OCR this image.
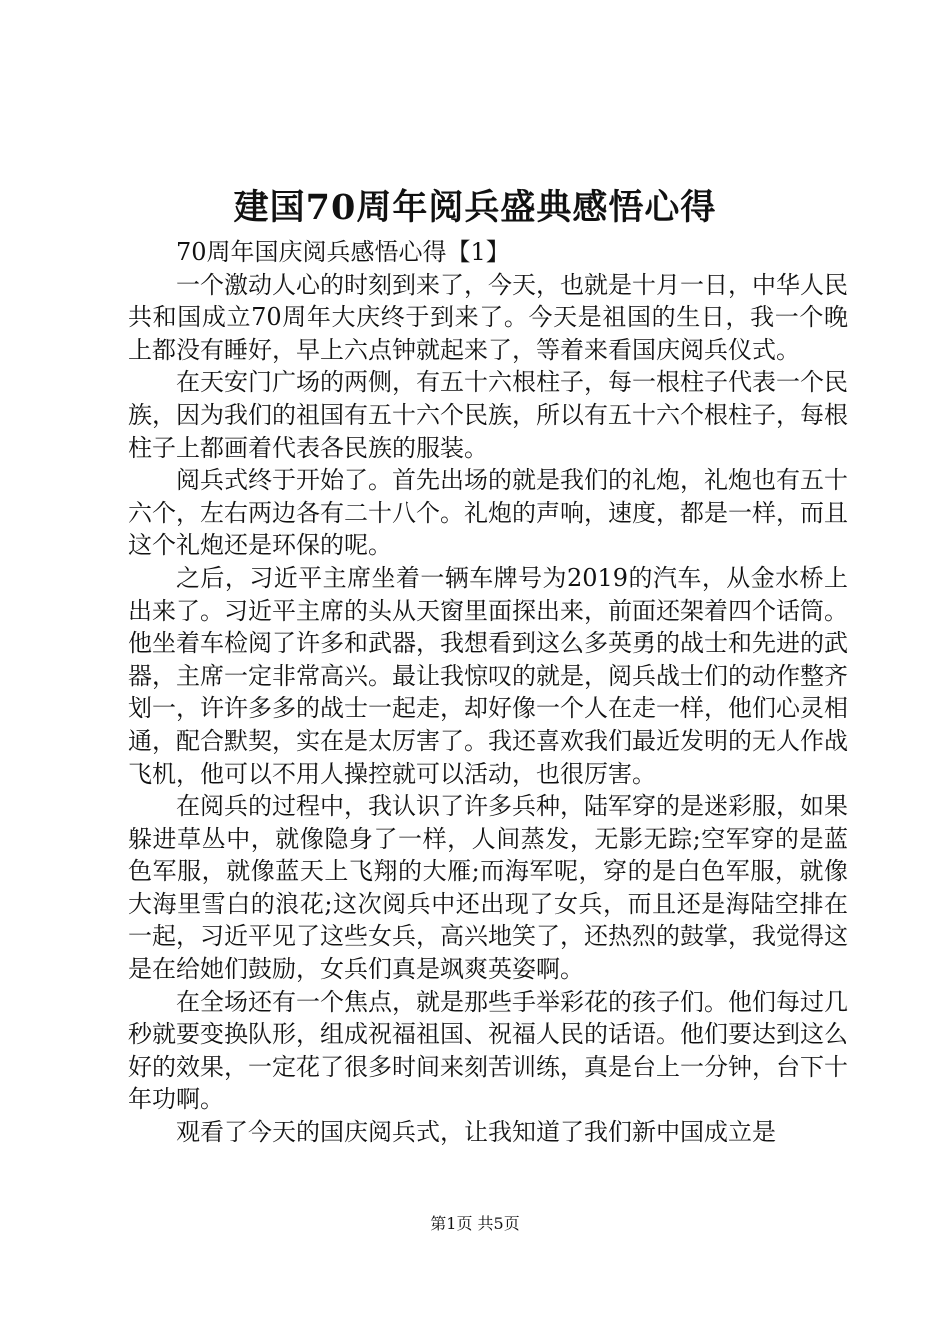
建国70周年阅兵盛典感悟心得

70周年国庆阅兵感悟心得【1】

一个激动人心的时刻到来了，今天，也就是十月一日，中华人民共和国成立70周年大庆终于到来了。今天是祖国的生日，我一个晚上都没有睡好，早上六点钟就起来了，等着来看国庆阅兵仪式。

在天安门广场的两侧，有五十六根柱子，每一根柱子代表一个民族，因为我们的祖国有五十六个民族，所以有五十六个根柱子，每根柱子上都画着代表各民族的服装。

阅兵式终于开始了。首先出场的就是我们的礼炮，礼炮也有五十六个，左右两边各有二十八个。礼炮的声响，速度，都是一样，而且这个礼炮还是环保的呢。

之后，习近平主席坐着一辆车牌号为2019的汽车，从金水桥上出来了。习近平主席的头从天窗里面探出来，前面还架着四个话筒。他坐着车检阅了许多和武器，我想看到这么多英勇的战士和先进的武器，主席一定非常高兴。最让我惊叹的就是，阅兵战士们的动作整齐划一，许许多多的战士一起走，却好像一个人在走一样，他们心灵相通，配合默契，实在是太厉害了。我还喜欢我们最近发明的无人作战飞机，他可以不用人操控就可以活动，也很厉害。

在阅兵的过程中，我认识了许多兵种，陆军穿的是迷彩服，如果躲进草丛中，就像隐身了一样，人间蒸发，无影无踪;空军穿的是蓝色军服，就像蓝天上飞翔的大雁;而海军呢，穿的是白色军服，就像大海里雪白的浪花;这次阅兵中还出现了女兵，而且还是海陆空排在一起，习近平见了这些女兵，高兴地笑了，还热烈的鼓掌，我觉得这是在给她们鼓励，女兵们真是飒爽英姿啊。

在全场还有一个焦点，就是那些手举彩花的孩子们。他们每过几秒就要变换队形，组成祝福祖国、祝福人民的话语。他们要达到这么好的效果，一定花了很多时间来刻苦训练，真是台上一分钟，台下十年功啊。

观看了今天的国庆阅兵式，让我知道了我们新中国成立是

第1页 共5页
